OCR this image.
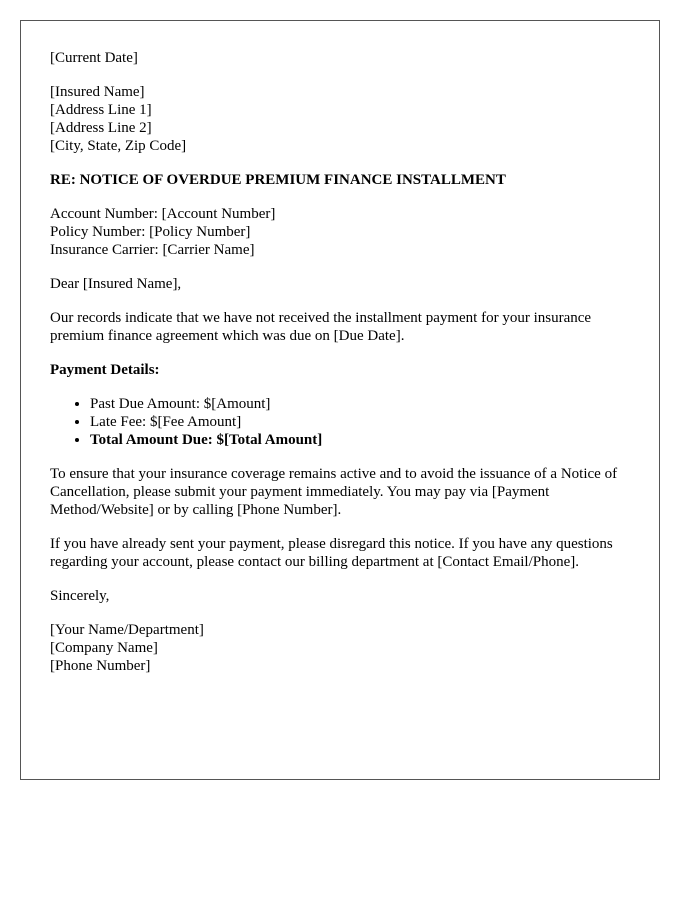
[Current Date]

[Insured Name]
[Address Line 1]
[Address Line 2]
[City, State, Zip Code]

RE: NOTICE OF OVERDUE PREMIUM FINANCE INSTALLMENT

Account Number: [Account Number]
Policy Number: [Policy Number]
Insurance Carrier: [Carrier Name]

Dear [Insured Name],

Our records indicate that we have not received the installment payment for your insurance premium finance agreement which was due on [Due Date].

Payment Details:

• Past Due Amount: $[Amount]
• Late Fee: $[Fee Amount]
• Total Amount Due: $[Total Amount]

To ensure that your insurance coverage remains active and to avoid the issuance of a Notice of Cancellation, please submit your payment immediately. You may pay via [Payment Method/Website] or by calling [Phone Number].

If you have already sent your payment, please disregard this notice. If you have any questions regarding your account, please contact our billing department at [Contact Email/Phone].

Sincerely,

[Your Name/Department]
[Company Name]
[Phone Number]
